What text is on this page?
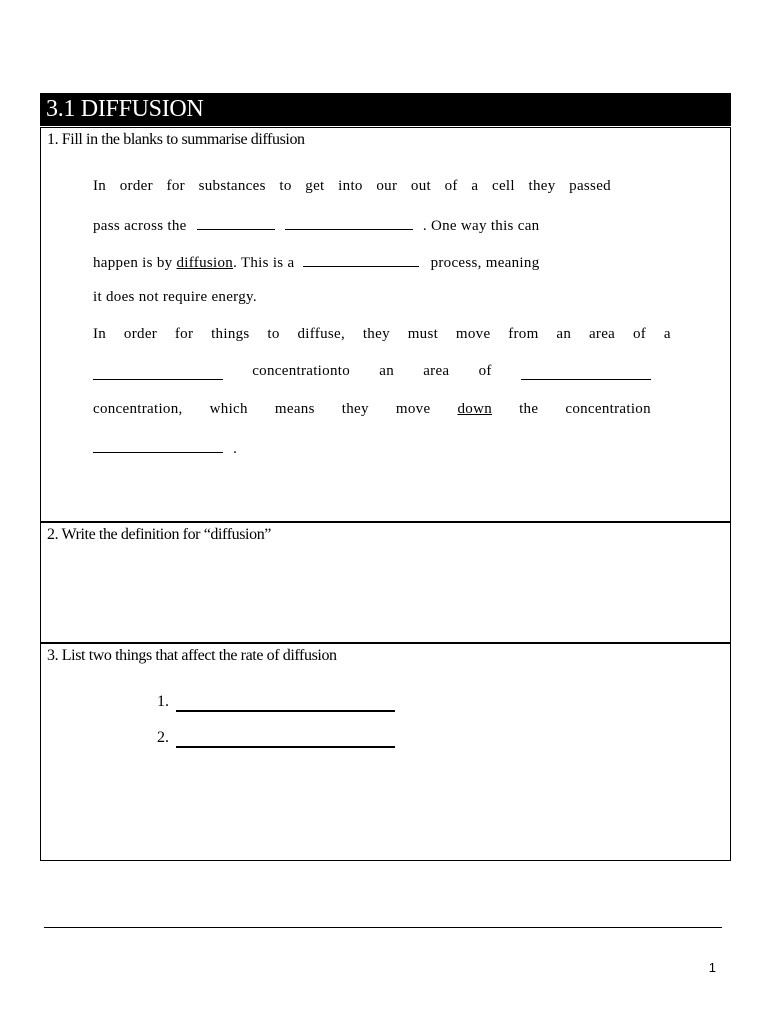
3.1 DIFFUSION
1. Fill in the blanks to summarise diffusion
In order for substances to get into our out of a cell they passed
pass across the	. One way this can
happen is by diffusion. This is a	process, meaning
it does not require energy.
In order for things to diffuse, they must move from an area of a
concentrationto an area of
concentration, which means they move down the concentration
.
2. Write the definition for “diffusion”
3. List two things that affect the rate of diffusion
1.
2.
1
